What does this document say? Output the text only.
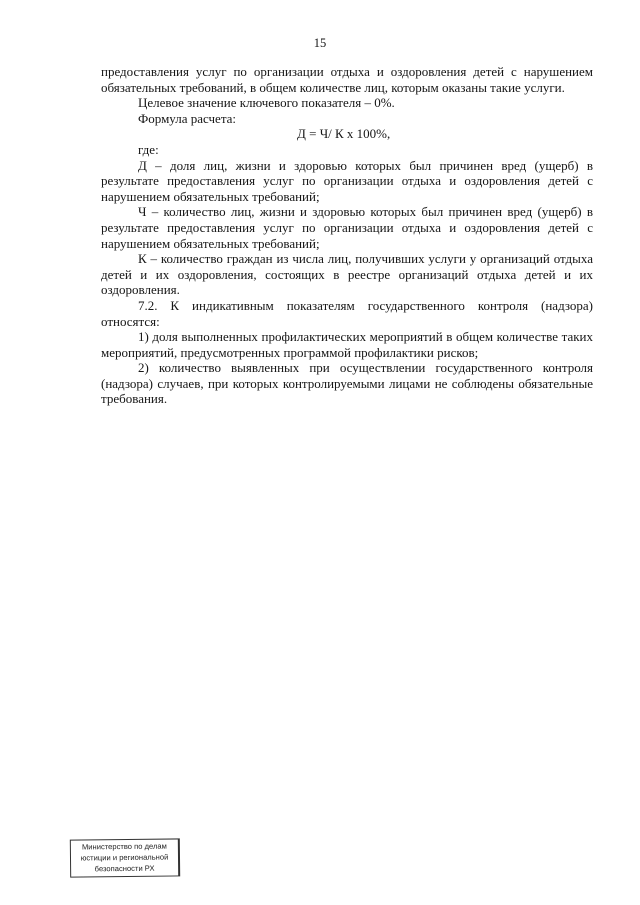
15

предоставления услуг по организации отдыха и оздоровления детей с нарушением обязательных требований, в общем количестве лиц, которым оказаны такие услуги.

Целевое значение ключевого показателя – 0%.

Формула расчета:

Д = Ч/ К х 100%,

где:

Д – доля лиц, жизни и здоровью которых был причинен вред (ущерб) в результате предоставления услуг по организации отдыха и оздоровления детей с нарушением обязательных требований;

Ч – количество лиц, жизни и здоровью которых был причинен вред (ущерб) в результате предоставления услуг по организации отдыха и оздоровления детей с нарушением обязательных требований;

К – количество граждан из числа лиц, получивших услуги у организаций отдыха детей и их оздоровления, состоящих в реестре организаций отдыха детей и их оздоровления.

7.2. К индикативным показателям государственного контроля (надзора) относятся:

1) доля выполненных профилактических мероприятий в общем количестве таких мероприятий, предусмотренных программой профилактики рисков;

2) количество выявленных при осуществлении государственного контроля (надзора) случаев, при которых контролируемыми лицами не соблюдены обязательные требования.

Министерство по делам
юстиции и региональной
безопасности РХ
